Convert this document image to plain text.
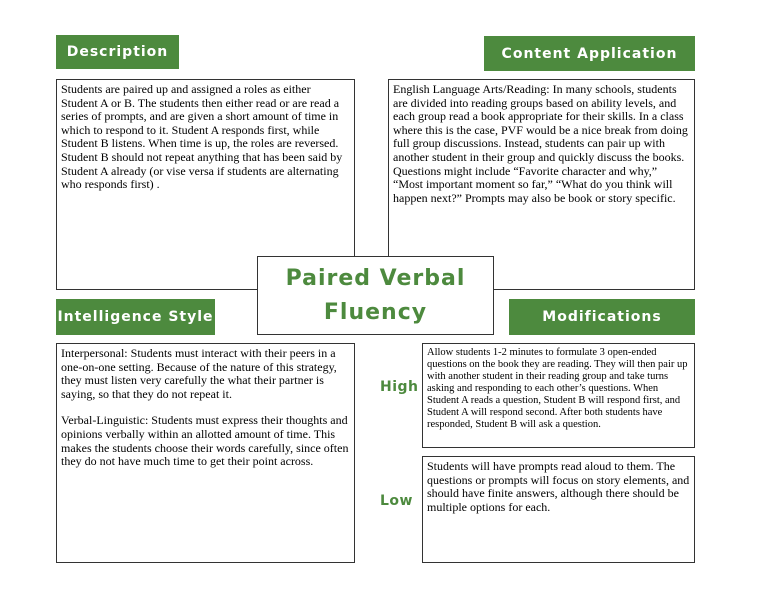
Description

Students are paired up and assigned a roles as either Student A or B. The students then either read or are read a series of prompts, and are given a short amount of time in which to respond to it. Student A responds first, while Student B listens. When time is up, the roles are reversed. Student B should not repeat anything that has been said by Student A already (or vise versa if students are alternating who responds first) .

Content Application

English Language Arts/Reading: In many schools, students are divided into reading groups based on ability levels, and each group read a book appropriate for their skills. In a class where this is the case, PVF would be a nice break from doing full group discussions. Instead, students can pair up with another student in their group and quickly discuss the books. Questions might include “Favorite character and why,” “Most important moment so far,” “What do you think will happen next?” Prompts may also be book or story specific.

Paired Verbal
Fluency
Intelligence Style

Interpersonal: Students must interact with their peers in a one-on-one setting. Because of the nature of this strategy, they must listen very carefully the what their partner is saying, so that they do not repeat it.

Verbal-Linguistic: Students must express their thoughts and opinions verbally within an allotted amount of time. This makes the students choose their words carefully, since often they do not have much time to get their point across.

Modifications
High

Allow students 1-2 minutes to formulate 3 open-ended questions on the book they are reading. They will then pair up with another student in their reading group and take turns asking and responding to each other’s questions. When Student A reads a question, Student B will respond first, and Student A will respond second. After both students have responded, Student B will ask a question.

Low

Students will have prompts read aloud to them. The questions or prompts will focus on story elements, and should have finite answers, although there should be multiple options for each.
